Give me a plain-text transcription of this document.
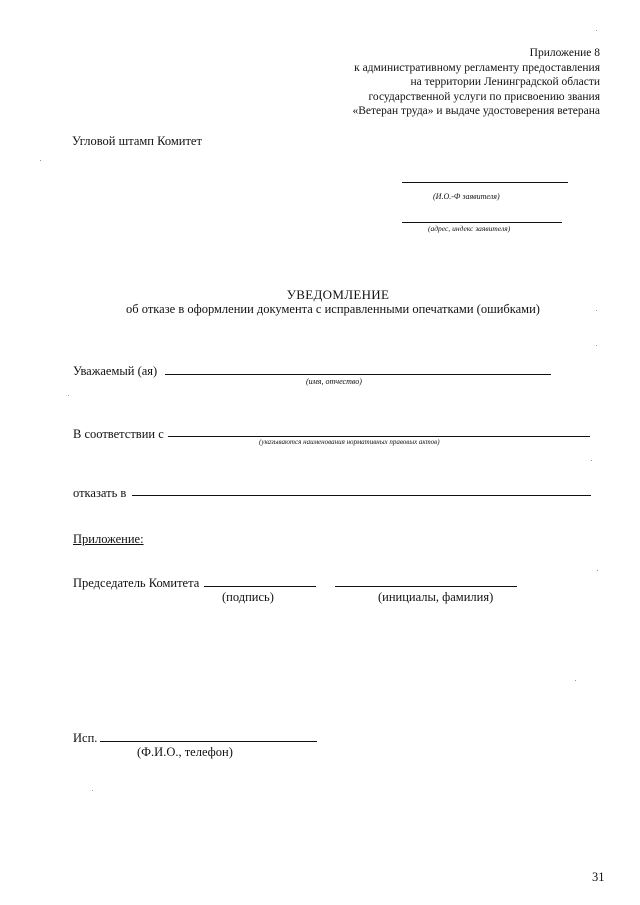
Приложение 8
к административному регламенту предоставления
на территории Ленинградской области
государственной услуги по присвоению звания
«Ветеран труда» и выдаче удостоверения ветерана
Угловой штамп Комитет
(И.О.-Ф заявителя)
(адрес, индекс заявителя)
УВЕДОМЛЕНИЕ
об отказе в оформлении документа с исправленными опечатками (ошибками)
Уважаемый (ая)
(имя, отчество)
В соответствии с
(указываются наименования нормативных правовых актов)
отказать в
Приложение:
Председатель Комитета
(подпись)	(инициалы, фамилия)
Исп.
(Ф.И.О., телефон)
31
